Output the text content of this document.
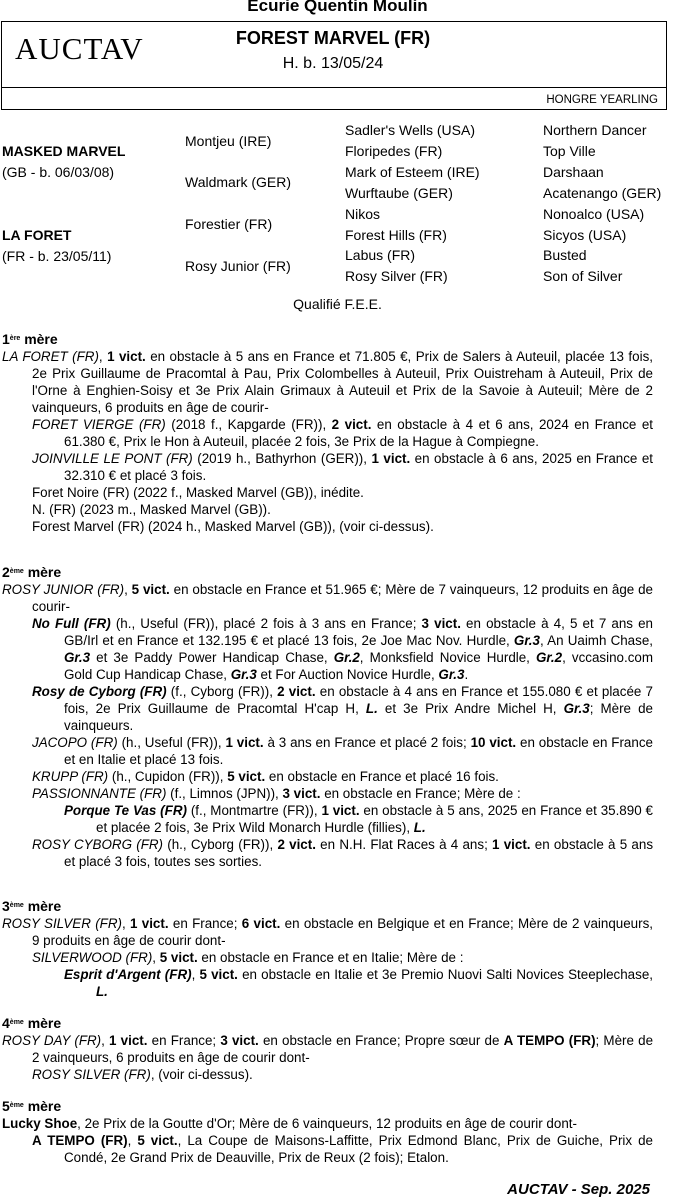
Ecurie Quentin Moulin
AUCTAV	FOREST MARVEL (FR)
H. b. 13/05/24
HONGRE YEARLING
MASKED MARVEL
(GB - b. 06/03/08)
LA FORET
(FR - b. 23/05/11)
Montjeu (IRE)
Waldmark (GER)
Forestier (FR)
Rosy Junior (FR)
Sadler's Wells (USA)
Floripedes (FR)
Mark of Esteem (IRE)
Wurftaube (GER)
Nikos
Forest Hills (FR)
Labus (FR)
Rosy Silver (FR)
Northern Dancer
Top Ville
Darshaan
Acatenango (GER)
Nonoalco (USA)
Sicyos (USA)
Busted
Son of Silver
Qualifié F.E.E.
1ère mère

LA FORET (FR), 1 vict. en obstacle à 5 ans en France et 71.805 €, Prix de Salers à Auteuil, placée 13 fois, 2e Prix Guillaume de Pracomtal à Pau, Prix Colombelles à Auteuil, Prix Ouistreham à Auteuil, Prix de l'Orne à Enghien-Soisy et 3e Prix Alain Grimaux à Auteuil et Prix de la Savoie à Auteuil; Mère de 2 vainqueurs, 6 produits en âge de courir-

FORET VIERGE (FR) (2018 f., Kapgarde (FR)), 2 vict. en obstacle à 4 et 6 ans, 2024 en France et 61.380 €, Prix le Hon à Auteuil, placée 2 fois, 3e Prix de la Hague à Compiegne.

JOINVILLE LE PONT (FR) (2019 h., Bathyrhon (GER)), 1 vict. en obstacle à 6 ans, 2025 en France et 32.310 € et placé 3 fois.

Foret Noire (FR) (2022 f., Masked Marvel (GB)), inédite.

N. (FR) (2023 m., Masked Marvel (GB)).

Forest Marvel (FR) (2024 h., Masked Marvel (GB)), (voir ci-dessus).

2ème mère

ROSY JUNIOR (FR), 5 vict. en obstacle en France et 51.965 €; Mère de 7 vainqueurs, 12 produits en âge de courir-

No Full (FR) (h., Useful (FR)), placé 2 fois à 3 ans en France; 3 vict. en obstacle à 4, 5 et 7 ans en GB/Irl et en France et 132.195 € et placé 13 fois, 2e Joe Mac Nov. Hurdle, Gr.3, An Uaimh Chase, Gr.3 et 3e Paddy Power Handicap Chase, Gr.2, Monksfield Novice Hurdle, Gr.2, vccasino.com Gold Cup Handicap Chase, Gr.3 et For Auction Novice Hurdle, Gr.3.

Rosy de Cyborg (FR) (f., Cyborg (FR)), 2 vict. en obstacle à 4 ans en France et 155.080 € et placée 7 fois, 2e Prix Guillaume de Pracomtal H'cap H, L. et 3e Prix Andre Michel H, Gr.3; Mère de vainqueurs.

JACOPO (FR) (h., Useful (FR)), 1 vict. à 3 ans en France et placé 2 fois; 10 vict. en obstacle en France et en Italie et placé 13 fois.

KRUPP (FR) (h., Cupidon (FR)), 5 vict. en obstacle en France et placé 16 fois.

PASSIONNANTE (FR) (f., Limnos (JPN)), 3 vict. en obstacle en France; Mère de :

Porque Te Vas (FR) (f., Montmartre (FR)), 1 vict. en obstacle à 5 ans, 2025 en France et 35.890 € et placée 2 fois, 3e Prix Wild Monarch Hurdle (fillies), L.

ROSY CYBORG (FR) (h., Cyborg (FR)), 2 vict. en N.H. Flat Races à 4 ans; 1 vict. en obstacle à 5 ans et placé 3 fois, toutes ses sorties.

3ème mère

ROSY SILVER (FR), 1 vict. en France; 6 vict. en obstacle en Belgique et en France; Mère de 2 vainqueurs, 9 produits en âge de courir dont-

SILVERWOOD (FR), 5 vict. en obstacle en France et en Italie; Mère de :

Esprit d'Argent (FR), 5 vict. en obstacle en Italie et 3e Premio Nuovi Salti Novices Steeplechase, L.

4ème mère

ROSY DAY (FR), 1 vict. en France; 3 vict. en obstacle en France; Propre sœur de A TEMPO (FR); Mère de 2 vainqueurs, 6 produits en âge de courir dont-

ROSY SILVER (FR), (voir ci-dessus).

5ème mère

Lucky Shoe, 2e Prix de la Goutte d'Or; Mère de 6 vainqueurs, 12 produits en âge de courir dont-

A TEMPO (FR), 5 vict., La Coupe de Maisons-Laffitte, Prix Edmond Blanc, Prix de Guiche, Prix de Condé, 2e Grand Prix de Deauville, Prix de Reux (2 fois); Etalon.

AUCTAV - Sep. 2025
